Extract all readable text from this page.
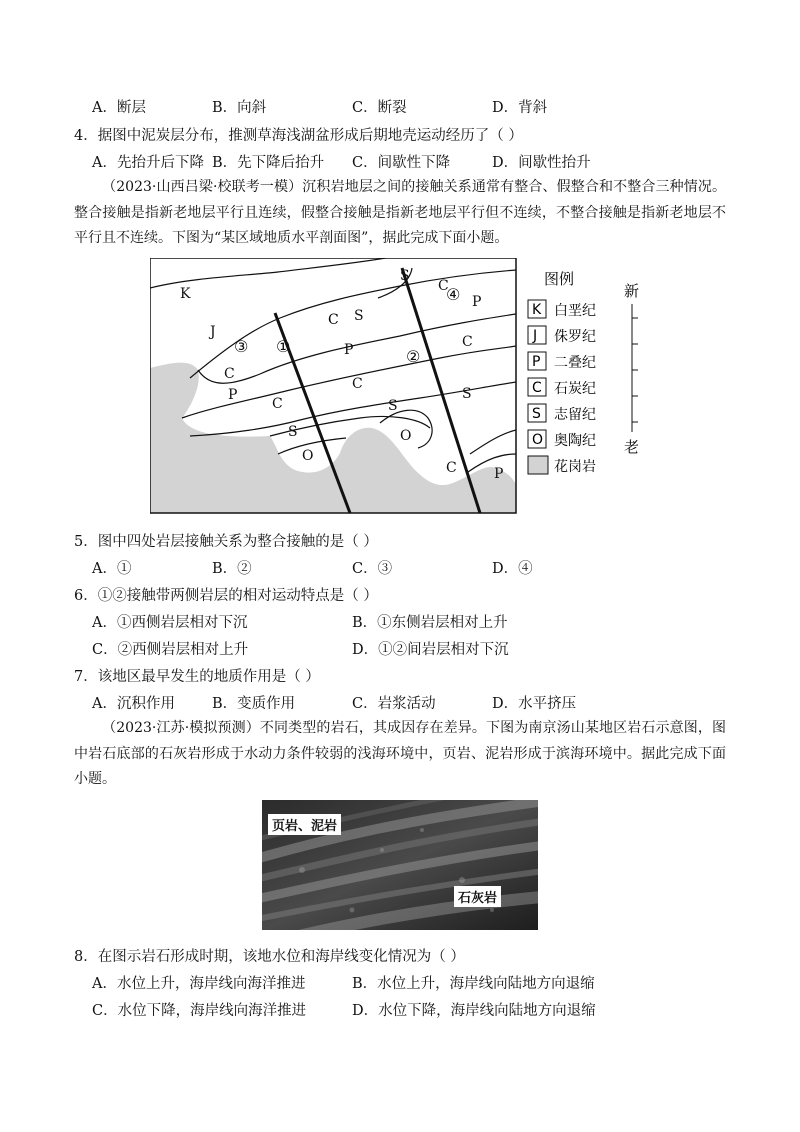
A．断层	B．向斜	C．断裂	D．背斜
4．据图中泥炭层分布，推测草海浅湖盆形成后期地壳运动经历了（ ）
A．先抬升后下降 B．先下降后抬升 C．间歇性下降	D．间歇性抬升
（2023·山西吕梁·校联考一模）沉积岩地层之间的接触关系通常有整合、假整合和不整合三种情况。整合接触是指新老地层平行且连续，假整合接触是指新老地层平行但不连续，不整合接触是指新老地层不平行且不连续。下图为“某区域地质水平剖面图”，据此完成下面小题。
K
J
C
P
C
S
O
S
P
C
S
O
S
C
P
C
S
C	P
C
③ ①
②
④
图例
K 白垩纪
J 侏罗纪
P 二叠纪
C 石炭纪
S 志留纪
O 奥陶纪
花岗岩
新
老
5．图中四处岩层接触关系为整合接触的是（ ）
A．①	B．②	C．③	D．④
6．①②接触带两侧岩层的相对运动特点是（ ）
A．①西侧岩层相对下沉	B．①东侧岩层相对上升
C．②西侧岩层相对上升	D．①②间岩层相对下沉
7．该地区最早发生的地质作用是（ ）
A．沉积作用	B．变质作用	C．岩浆活动	D．水平挤压
（2023·江苏·模拟预测）不同类型的岩石，其成因存在差异。下图为南京汤山某地区岩石示意图，图中岩石底部的石灰岩形成于水动力条件较弱的浅海环境中，页岩、泥岩形成于滨海环境中。据此完成下面小题。
页岩、泥岩
石灰岩
8．在图示岩石形成时期，该地水位和海岸线变化情况为（ ）
A．水位上升，海岸线向海洋推进	B．水位上升，海岸线向陆地方向退缩
C．水位下降，海岸线向海洋推进	D．水位下降，海岸线向陆地方向退缩
